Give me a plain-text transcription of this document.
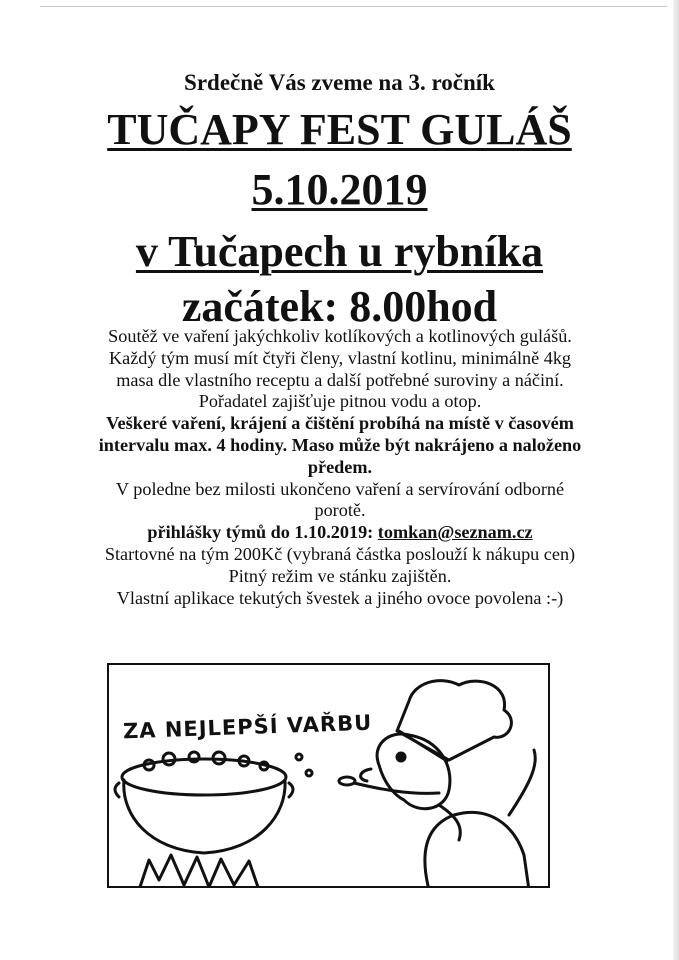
Srdečně Vás zveme na 3. ročník
TUČAPY FEST GULÁŠ
5.10.2019
v Tučapech u rybníka
začátek: 8.00hod

Soutěž ve vaření jakýchkoliv kotlíkových a kotlinových gulášů.

Každý tým musí mít čtyři členy, vlastní kotlinu, minimálně 4kg

masa dle vlastního receptu a další potřebné suroviny a náčiní.

Pořadatel zajišťuje pitnou vodu a otop.

Veškeré vaření, krájení a čištění probíhá na místě v časovém

intervalu max. 4 hodiny. Maso může být nakrájeno a naloženo

předem.

V poledne bez milosti ukončeno vaření a servírování odborné

porotě.

přihlášky týmů do 1.10.2019: tomkan@seznam.cz

Startovné na tým 200Kč (vybraná částka poslouží k nákupu cen)

Pitný režim ve stánku zajištěn.

Vlastní aplikace tekutých švestek a jiného ovoce povolena :-)

ZA NEJLEPŠÍ VAŘBU
